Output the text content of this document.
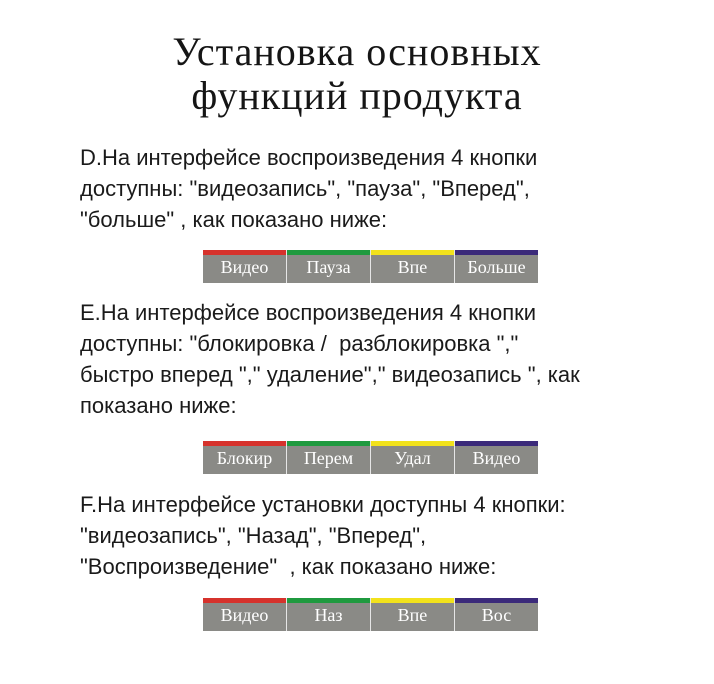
Установка основных
функций продукта
D.На интерфейсе воспроизведения 4 кнопки
доступны: "видеозапись", "пауза", "Вперед",
"больше" , как показано ниже:
Видео	Пауза	Впе	Больше
E.На интерфейсе воспроизведения 4 кнопки
доступны: "блокировка /  разблокировка ","
быстро вперед "," удаление"," видеозапись ", как
показано ниже:
Блокир	Перем	Удал	Видео
F.На интерфейсе установки доступны 4 кнопки:
"видеозапись", "Назад", "Вперед",
"Воспроизведение"  , как показано ниже:
Видео	Наз	Впе	Вос
